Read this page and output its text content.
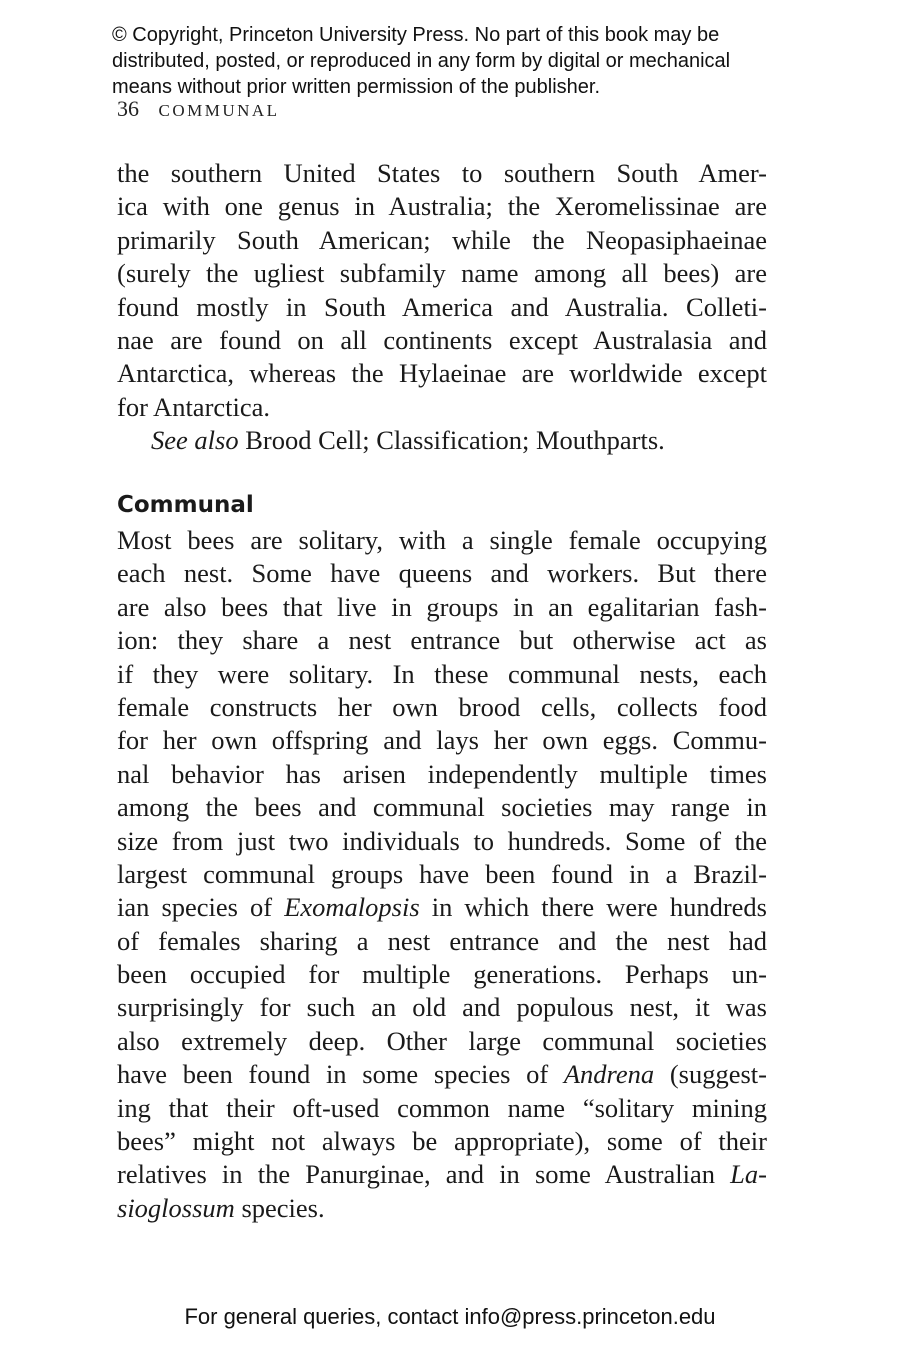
© Copyright, Princeton University Press. No part of this book may be
distributed, posted, or reproduced in any form by digital or mechanical
means without prior written permission of the publisher.
36 COMMUNAL
the southern United States to southern South Amer-
ica with one genus in Australia; the Xeromelissinae are
primarily South American; while the Neopasiphaeinae
(surely the ugliest subfamily name among all bees) are
found mostly in South America and Australia. Colleti-
nae are found on all continents except Australasia and
Antarctica, whereas the Hylaeinae are worldwide except
for Antarctica.
See also Brood Cell; Classification; Mouthparts.
Communal
Most bees are solitary, with a single female occupying
each nest. Some have queens and workers. But there
are also bees that live in groups in an egalitarian fash-
ion: they share a nest entrance but otherwise act as
if they were solitary. In these communal nests, each
female constructs her own brood cells, collects food
for her own offspring and lays her own eggs. Commu-
nal behavior has arisen independently multiple times
among the bees and communal societies may range in
size from just two individuals to hundreds. Some of the
largest communal groups have been found in a Brazil-
ian species of Exomalopsis in which there were hundreds
of females sharing a nest entrance and the nest had
been occupied for multiple generations. Perhaps un-
surprisingly for such an old and populous nest, it was
also extremely deep. Other large communal societies
have been found in some species of Andrena (suggest-
ing that their oft-used common name “solitary mining
bees” might not always be appropriate), some of their
relatives in the Panurginae, and in some Australian La-
sioglossum species.
For general queries, contact info@press.princeton.edu
